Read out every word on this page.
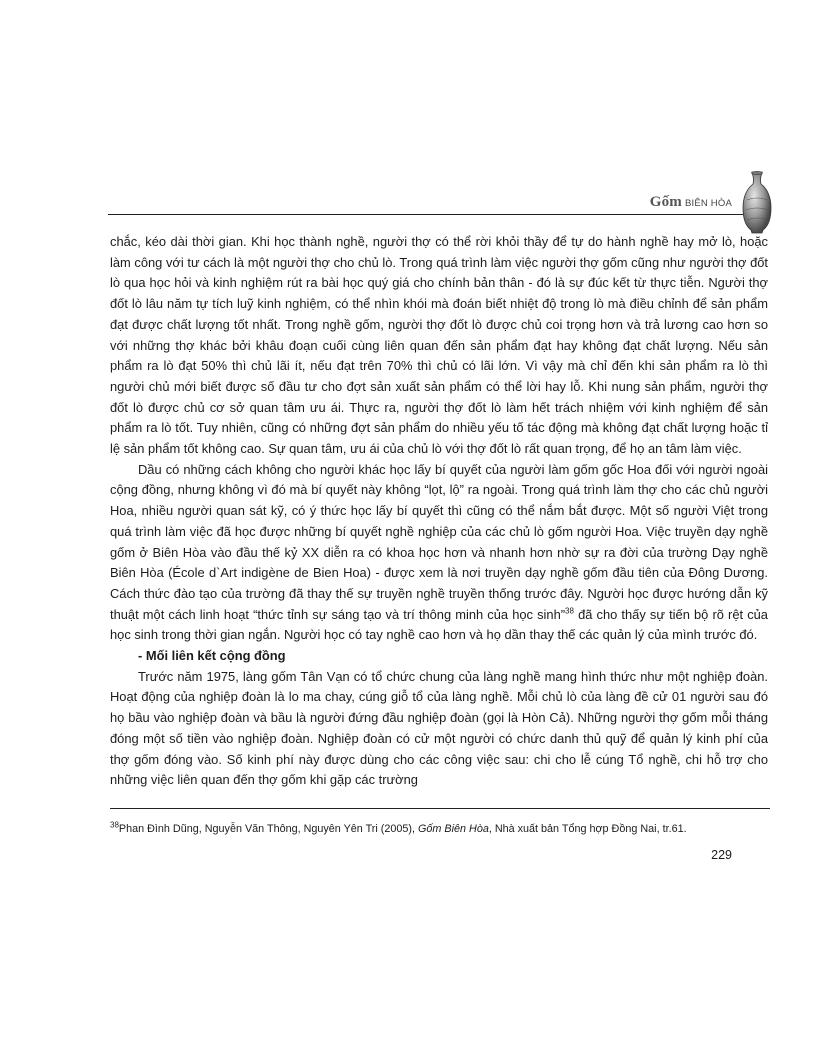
Gốm BIÊN HÒA

chắc, kéo dài thời gian. Khi học thành nghề, người thợ có thể rời khỏi thầy để tự do hành nghề hay mở lò, hoặc làm công với tư cách là một người thợ cho chủ lò. Trong quá trình làm việc người thợ gốm cũng như người thợ đốt lò qua học hỏi và kinh nghiệm rút ra bài học quý giá cho chính bản thân - đó là sự đúc kết từ thực tiễn. Người thợ đốt lò lâu năm tự tích luỹ kinh nghiệm, có thể nhìn khói mà đoán biết nhiệt độ trong lò mà điều chỉnh để sản phẩm đạt được chất lượng tốt nhất. Trong nghề gốm, người thợ đốt lò được chủ coi trọng hơn và trả lương cao hơn so với những thợ khác bởi khâu đoạn cuối cùng liên quan đến sản phẩm đạt hay không đạt chất lượng. Nếu sản phẩm ra lò đạt 50% thì chủ lãi ít, nếu đạt trên 70% thì chủ có lãi lớn. Vì vậy mà chỉ đến khi sản phẩm ra lò thì người chủ mới biết được số đầu tư cho đợt sản xuất sản phẩm có thể lời hay lỗ. Khi nung sản phẩm, người thợ đốt lò được chủ cơ sở quan tâm ưu ái. Thực ra, người thợ đốt lò làm hết trách nhiệm với kinh nghiệm để sản phẩm ra lò tốt. Tuy nhiên, cũng có những đợt sản phẩm do nhiều yếu tố tác động mà không đạt chất lượng hoặc tỉ lệ sản phẩm tốt không cao. Sự quan tâm, ưu ái của chủ lò với thợ đốt lò rất quan trọng, để họ an tâm làm việc.

Dầu có những cách không cho người khác học lấy bí quyết của người làm gốm gốc Hoa đối với người ngoài cộng đồng, nhưng không vì đó mà bí quyết này không “lọt, lộ” ra ngoài. Trong quá trình làm thợ cho các chủ người Hoa, nhiều người quan sát kỹ, có ý thức học lấy bí quyết thì cũng có thể nắm bắt được. Một số người Việt trong quá trình làm việc đã học được những bí quyết nghề nghiệp của các chủ lò gốm người Hoa. Việc truyền dạy nghề gốm ở Biên Hòa vào đầu thế kỷ XX diễn ra có khoa học hơn và nhanh hơn nhờ sự ra đời của trường Dạy nghề Biên Hòa (École d`Art indigène de Bien Hoa) - được xem là nơi truyền dạy nghề gốm đầu tiên của Đông Dương. Cách thức đào tạo của trường đã thay thế sự truyền nghề truyền thống trước đây. Người học được hướng dẫn kỹ thuật một cách linh hoạt “thức tỉnh sự sáng tạo và trí thông minh của học sinh”$^{38}$ đã cho thấy sự tiến bộ rõ rệt của học sinh trong thời gian ngắn. Người học có tay nghề cao hơn và họ dần thay thế các quản lý của mình trước đó.

- Mối liên kết cộng đồng

Trước năm 1975, làng gốm Tân Vạn có tổ chức chung của làng nghề mang hình thức như một nghiệp đoàn. Hoạt động của nghiệp đoàn là lo ma chay, cúng giỗ tổ của làng nghề. Mỗi chủ lò của làng đề cử 01 người sau đó họ bầu vào nghiệp đoàn và bầu là người đứng đầu nghiệp đoàn (gọi là Hòn Cả). Những người thợ gốm mỗi tháng đóng một số tiền vào nghiệp đoàn. Nghiệp đoàn có cử một người có chức danh thủ quỹ để quản lý kinh phí của thợ gốm đóng vào. Số kinh phí này được dùng cho các công việc sau: chi cho lễ cúng Tổ nghề, chi hỗ trợ cho những việc liên quan đến thợ gốm khi gặp các trường

$^{38}$Phan Đình Dũng, Nguyễn Văn Thông, Nguyên Yên Tri (2005), Gốm Biên Hòa, Nhà xuất bản Tổng hợp Đồng Nai, tr.61.
229
